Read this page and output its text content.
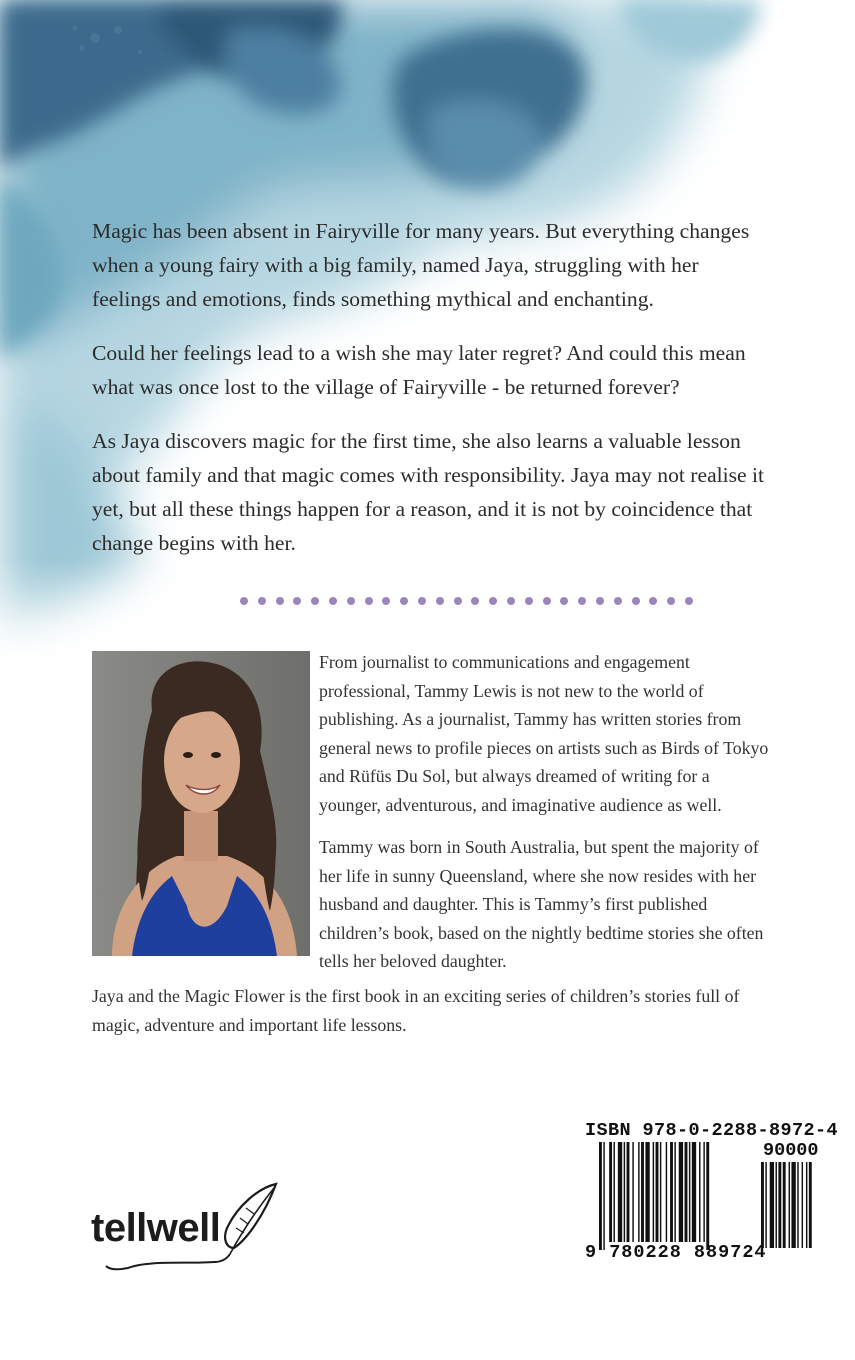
Magic has been absent in Fairyville for many years. But everything changes when a young fairy with a big family, named Jaya, struggling with her feelings and emotions, finds something mythical and enchanting.

Could her feelings lead to a wish she may later regret? And could this mean what was once lost to the village of Fairyville - be returned forever?

As Jaya discovers magic for the first time, she also learns a valuable lesson about family and that magic comes with responsibility. Jaya may not realise it yet, but all these things happen for a reason, and it is not by coincidence that change begins with her.

From journalist to communications and engagement professional, Tammy Lewis is not new to the world of publishing. As a journalist, Tammy has written stories from general news to profile pieces on artists such as Birds of Tokyo and Rüfüs Du Sol, but always dreamed of writing for a younger, adventurous, and imaginative audience as well.

Tammy was born in South Australia, but spent the majority of her life in sunny Queensland, where she now resides with her husband and daughter. This is Tammy’s first published children’s book, based on the nightly bedtime stories she often tells her beloved daughter.

Jaya and the Magic Flower is the first book in an exciting series of children’s stories full of magic, adventure and important life lessons.

tellwell
ISBN 978-0-2288-8972-4
90000
9 780228 889724
